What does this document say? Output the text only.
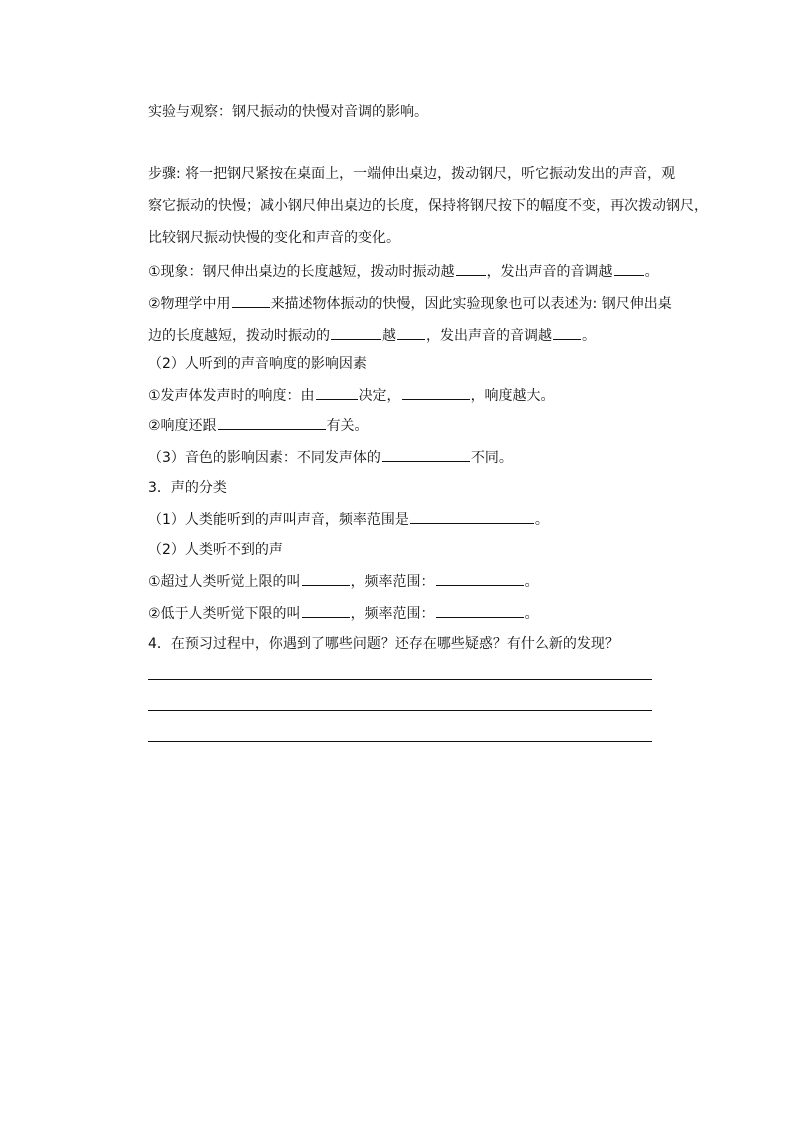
实验与观察：钢尺振动的快慢对音调的影响。
步骤: 将一把钢尺紧按在桌面上，一端伸出桌边，拨动钢尺，听它振动发出的声音，观
察它振动的快慢；减小钢尺伸出桌边的长度，保持将钢尺按下的幅度不变，再次拨动钢尺，
比较钢尺振动快慢的变化和声音的变化。
①现象：钢尺伸出桌边的长度越短，拨动时振动越 ，发出声音的音调越 。
②物理学中用	来描述物体振动的快慢，因此实验现象也可以表述为: 钢尺伸出桌
边的长度越短，拨动时振动的	越 ，发出声音的音调越 。
（2）人听到的声音响度的影响因素
①发声体发声时的响度：由	决定，	，响度越大。
②响度还跟	有关。
（3）音色的影响因素：不同发声体的	不同。
3．声的分类
（1）人类能听到的声叫声音，频率范围是	。
（2）人类听不到的声
①超过人类听觉上限的叫	，频率范围：	。
②低于人类听觉下限的叫	，频率范围：	。
4．在预习过程中，你遇到了哪些问题？还存在哪些疑惑？有什么新的发现？
